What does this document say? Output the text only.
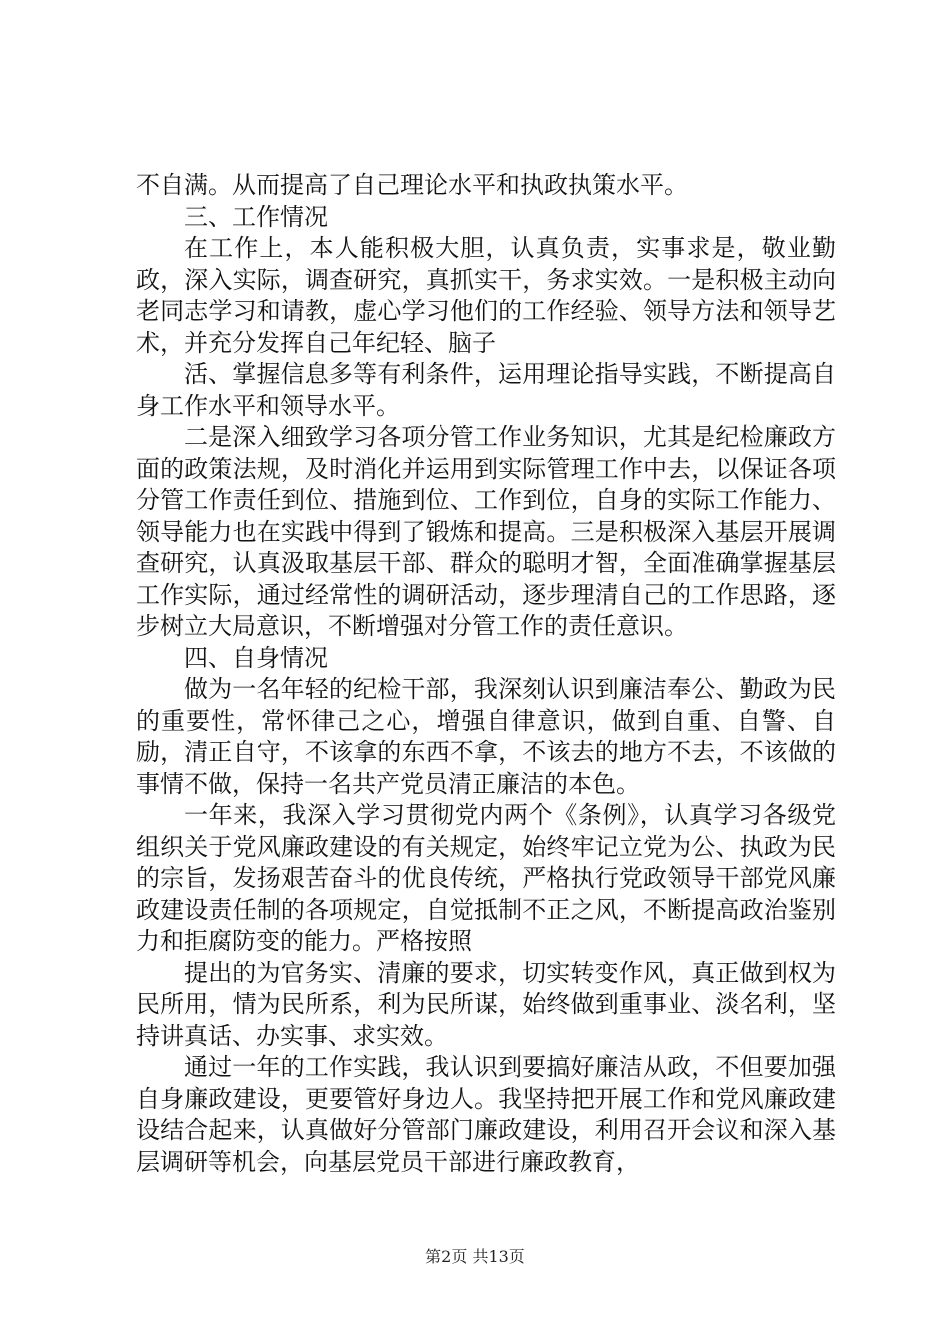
不自满。从而提高了自己理论水平和执政执策水平。

三、工作情况

在工作上，本人能积极大胆，认真负责，实事求是，敬业勤政，深入实际，调查研究，真抓实干，务求实效。一是积极主动向老同志学习和请教，虚心学习他们的工作经验、领导方法和领导艺术，并充分发挥自己年纪轻、脑子

活、掌握信息多等有利条件，运用理论指导实践，不断提高自身工作水平和领导水平。

二是深入细致学习各项分管工作业务知识，尤其是纪检廉政方面的政策法规，及时消化并运用到实际管理工作中去，以保证各项分管工作责任到位、措施到位、工作到位，自身的实际工作能力、领导能力也在实践中得到了锻炼和提高。三是积极深入基层开展调查研究，认真汲取基层干部、群众的聪明才智，全面准确掌握基层工作实际，通过经常性的调研活动，逐步理清自己的工作思路，逐步树立大局意识，不断增强对分管工作的责任意识。

四、自身情况

做为一名年轻的纪检干部，我深刻认识到廉洁奉公、勤政为民的重要性，常怀律己之心，增强自律意识，做到自重、自警、自励，清正自守，不该拿的东西不拿，不该去的地方不去，不该做的事情不做，保持一名共产党员清正廉洁的本色。

一年来，我深入学习贯彻党内两个《条例》，认真学习各级党组织关于党风廉政建设的有关规定，始终牢记立党为公、执政为民的宗旨，发扬艰苦奋斗的优良传统，严格执行党政领导干部党风廉政建设责任制的各项规定，自觉抵制不正之风，不断提高政治鉴别力和拒腐防变的能力。严格按照

提出的为官务实、清廉的要求，切实转变作风，真正做到权为民所用，情为民所系，利为民所谋，始终做到重事业、淡名利，坚持讲真话、办实事、求实效。

通过一年的工作实践，我认识到要搞好廉洁从政，不但要加强自身廉政建设，更要管好身边人。我坚持把开展工作和党风廉政建设结合起来，认真做好分管部门廉政建设，利用召开会议和深入基层调研等机会，向基层党员干部进行廉政教育，

第2页 共13页
